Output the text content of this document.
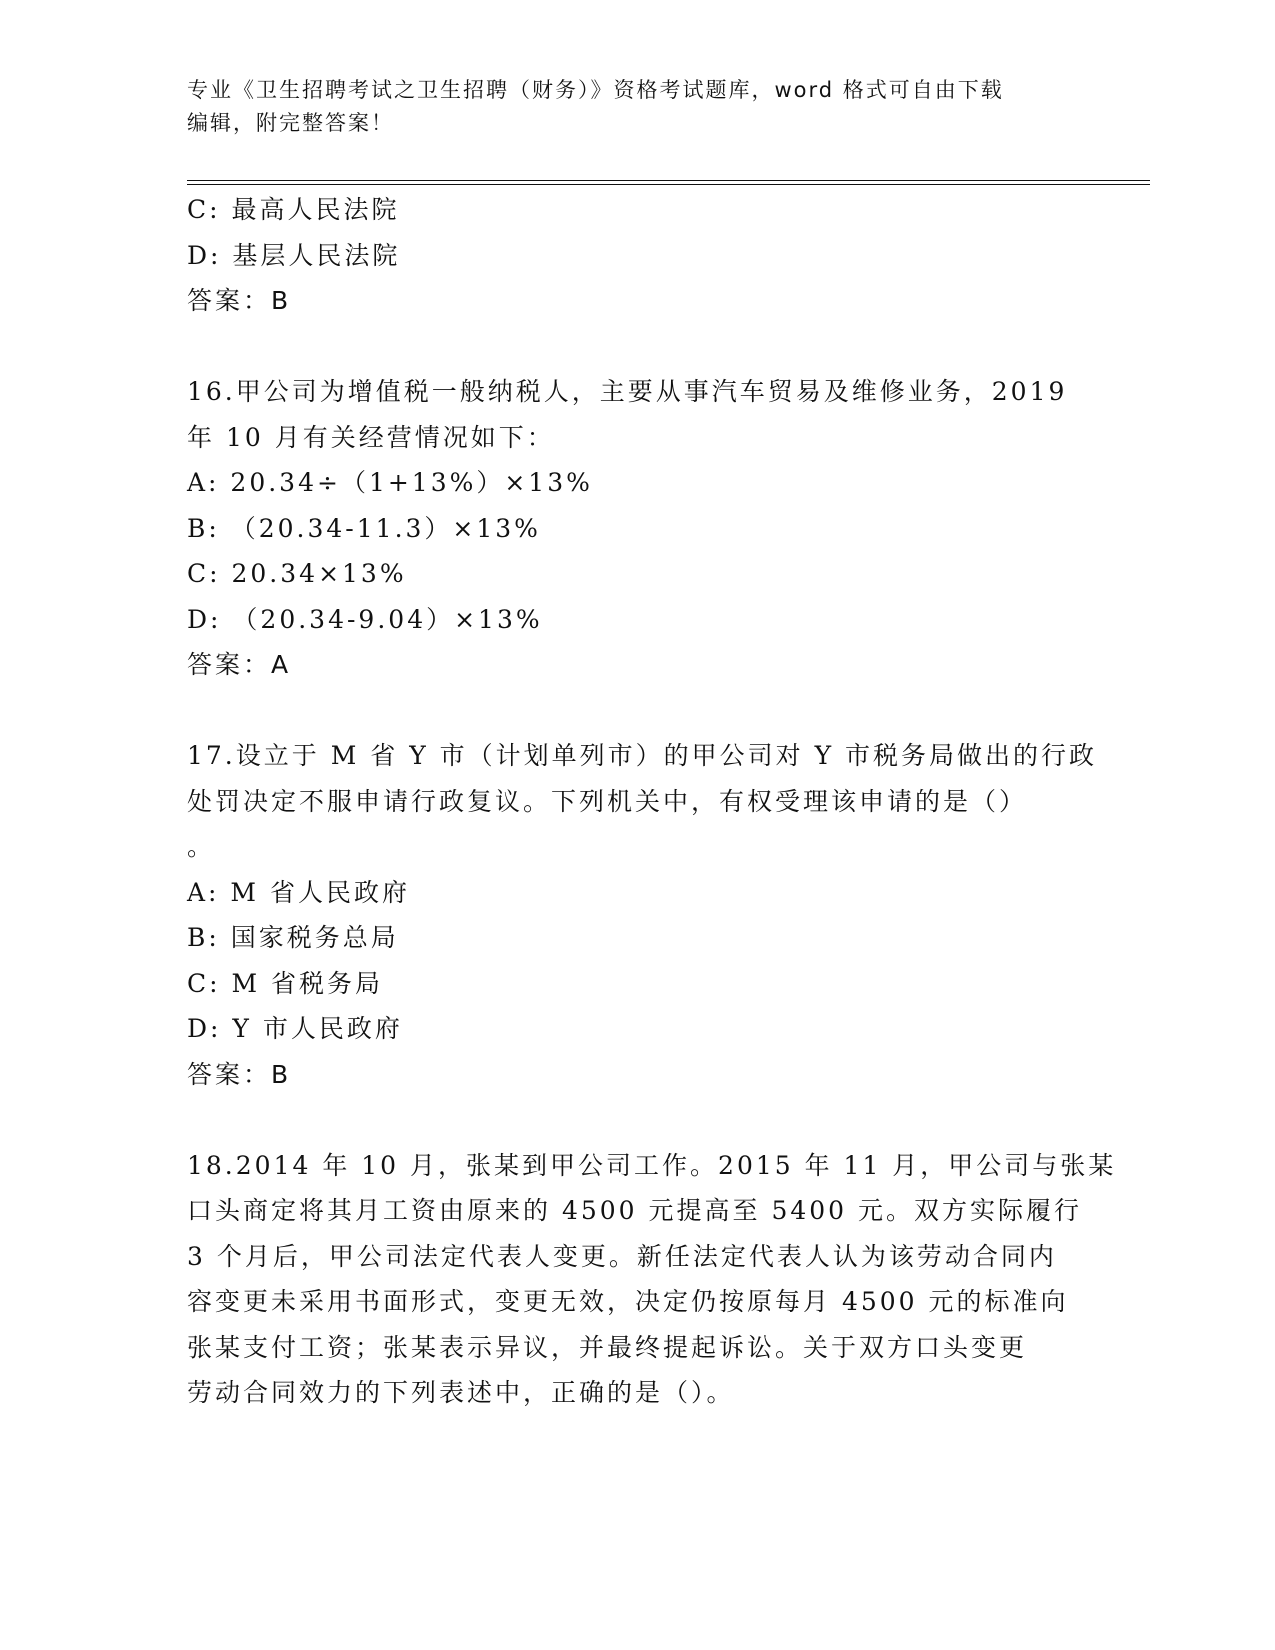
专业《卫生招聘考试之卫生招聘（财务）》资格考试题库，word 格式可自由下载
编辑，附完整答案！
C: 最高人民法院
D: 基层人民法院
答案：B
16.甲公司为增值税一般纳税人，主要从事汽车贸易及维修业务，2019
年 10 月有关经营情况如下：
A: 20.34÷（1+13%）×13%
B: （20.34-11.3）×13%
C: 20.34×13%
D: （20.34-9.04）×13%
答案：A
17.设立于 M 省 Y 市（计划单列市）的甲公司对 Y 市税务局做出的行政
处罚决定不服申请行政复议。下列机关中，有权受理该申请的是（）
。
A: M 省人民政府
B: 国家税务总局
C: M 省税务局
D: Y 市人民政府
答案：B
18.2014 年 10 月，张某到甲公司工作。2015 年 11 月，甲公司与张某
口头商定将其月工资由原来的 4500 元提高至 5400 元。双方实际履行
3 个月后，甲公司法定代表人变更。新任法定代表人认为该劳动合同内
容变更未采用书面形式，变更无效，决定仍按原每月 4500 元的标准向
张某支付工资；张某表示异议，并最终提起诉讼。关于双方口头变更
劳动合同效力的下列表述中，正确的是（）。
